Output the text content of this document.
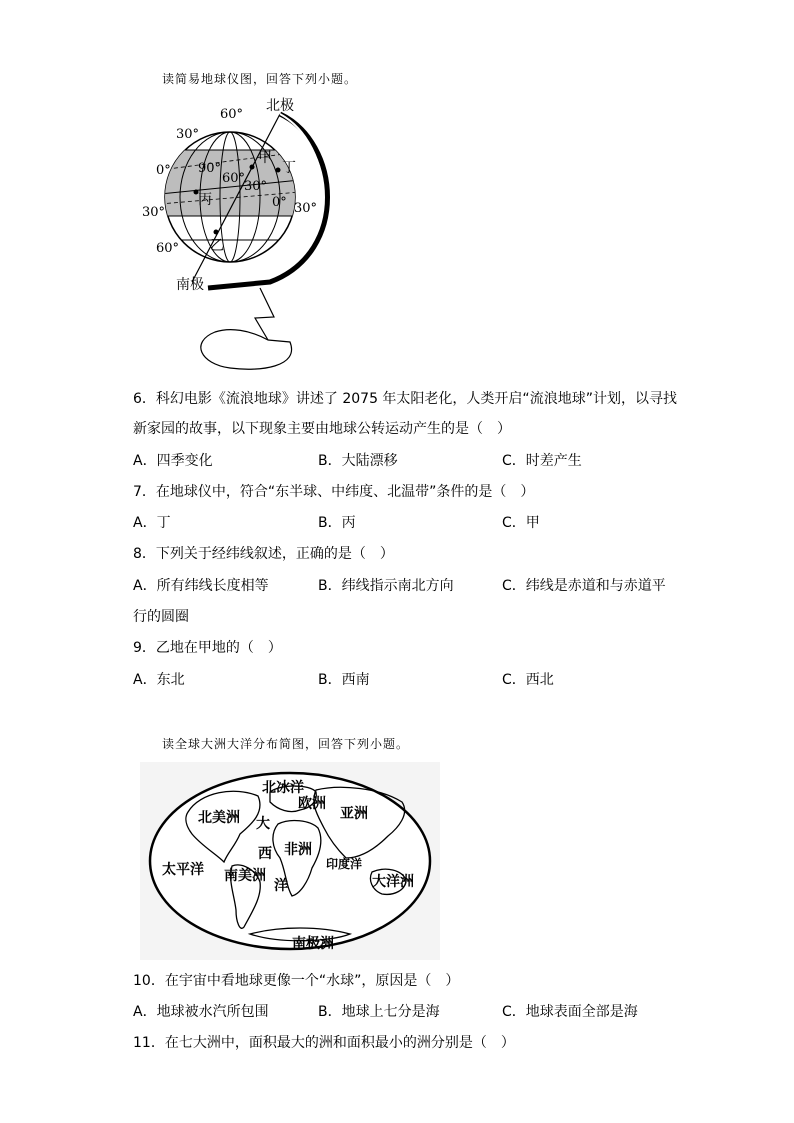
读简易地球仪图，回答下列小题。
北极
南极
60°
30°
0°
30°
60°
90°
60°
30°
0° 30°
甲
乙
丙
丁
6．科幻电影《流浪地球》讲述了 2075 年太阳老化，人类开启“流浪地球”计划，以寻找
新家园的故事，以下现象主要由地球公转运动产生的是（　）
A．四季变化	B．大陆漂移	C．时差产生
7．在地球仪中，符合“东半球、中纬度、北温带”条件的是（　）
A．丁	B．丙	C．甲
8．下列关于经纬线叙述，正确的是（　）
A．所有纬线长度相等	B．纬线指示南北方向	C．纬线是赤道和与赤道平
行的圆圈
9．乙地在甲地的（　）
A．东北	B．西南	C．西北
读全球大洲大洋分布简图，回答下列小题。
北冰洋
欧洲
亚洲
北美洲 大
西
洋
非洲
太平洋 南美洲
印度洋
大洋洲
南极洲
10．在宇宙中看地球更像一个“水球”，原因是（　）
A．地球被水汽所包围	B．地球上七分是海	C．地球表面全部是海
11．在七大洲中，面积最大的洲和面积最小的洲分别是（　）
